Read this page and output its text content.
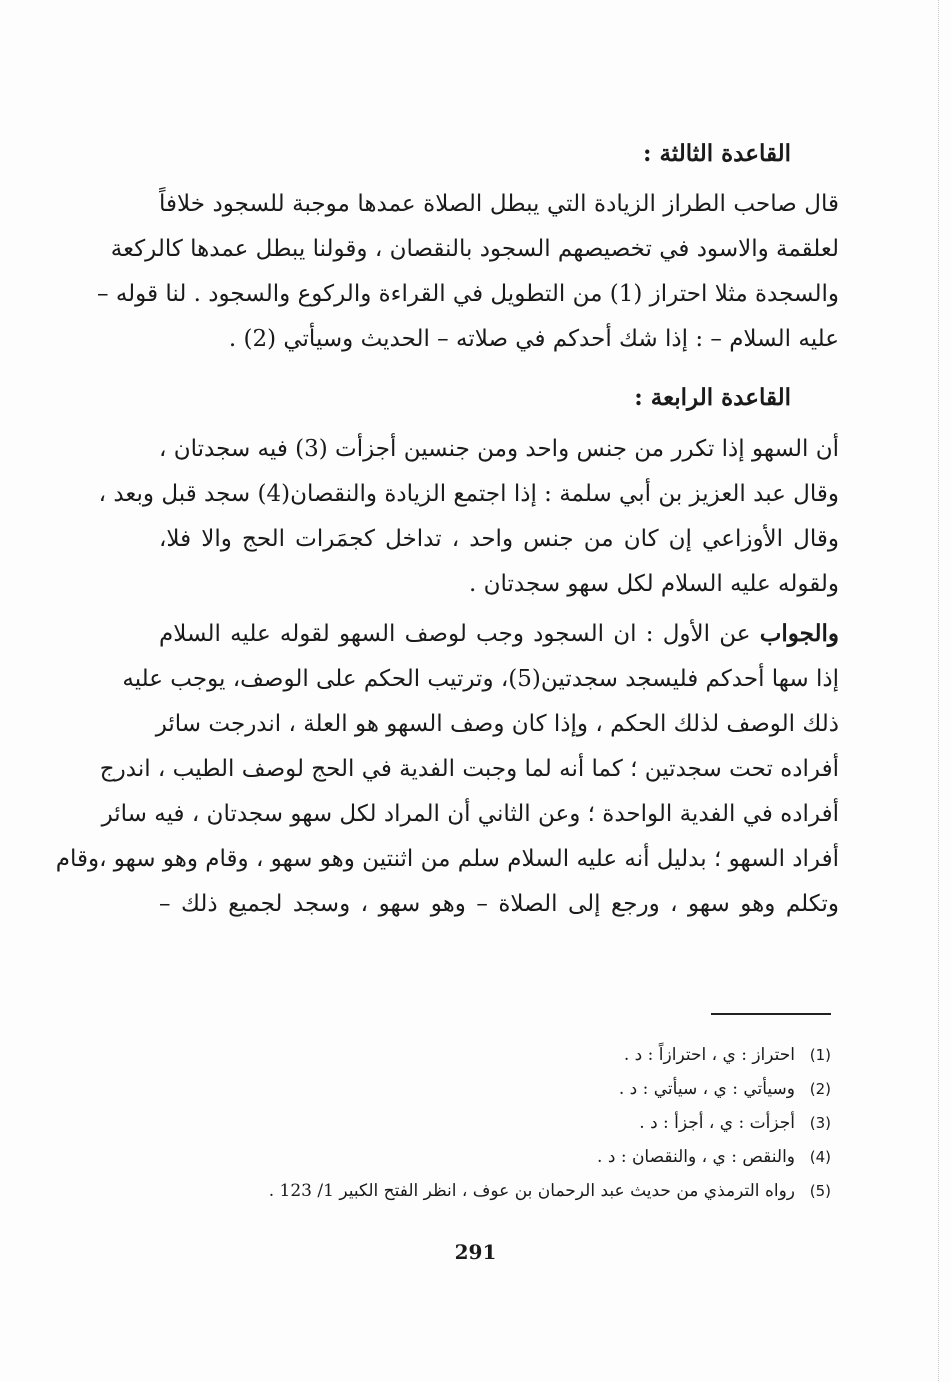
القاعدة الثالثة :
قال صاحب الطراز الزيادة التي يبطل الصلاة عمدها موجبة للسجود خلافاً
لعلقمة والاسود في تخصيصهم السجود بالنقصان ، وقولنا يبطل عمدها كالركعة
والسجدة مثلا احتراز (1) من التطويل في القراءة والركوع والسجود . لنا قوله –
عليه السلام – : إذا شك أحدكم في صلاته – الحديث وسيأتي (2) .
القاعدة الرابعة :
أن السهو إذا تكرر من جنس واحد ومن جنسين أجزأت (3) فيه سجدتان ،
وقال عبد العزيز بن أبي سلمة : إذا اجتمع الزيادة والنقصان(4) سجد قبل وبعد ،
وقال الأوزاعي إن كان من جنس واحد ، تداخل كجمَرات الحج والا فلا،
ولقوله عليه السلام لكل سهو سجدتان .
والجواب عن الأول : ان السجود وجب لوصف السهو لقوله عليه السلام
إذا سها أحدكم فليسجد سجدتين(5)، وترتيب الحكم على الوصف، يوجب عليه
ذلك الوصف لذلك الحكم ، وإذا كان وصف السهو هو العلة ، اندرجت سائر
أفراده تحت سجدتين ؛ كما أنه لما وجبت الفدية في الحج لوصف الطيب ، اندرج
أفراده في الفدية الواحدة ؛ وعن الثاني أن المراد لكل سهو سجدتان ، فيه سائر
أفراد السهو ؛ بدليل أنه عليه السلام سلم من اثنتين وهو سهو ، وقام وهو سهو ،وقام
وتكلم وهو سهو ، ورجع إلى الصلاة – وهو سهو ، وسجد لجميع ذلك –
(1)احتراز : ي ، احترازاً : د .
(2)وسيأتي : ي ، سيأتي : د .
(3)أجزأت : ي ، أجزأ : د .
(4)والنقص : ي ، والنقصان : د .
(5)رواه الترمذي من حديث عبد الرحمان بن عوف ، انظر الفتح الكبير 1/ 123 .
291
